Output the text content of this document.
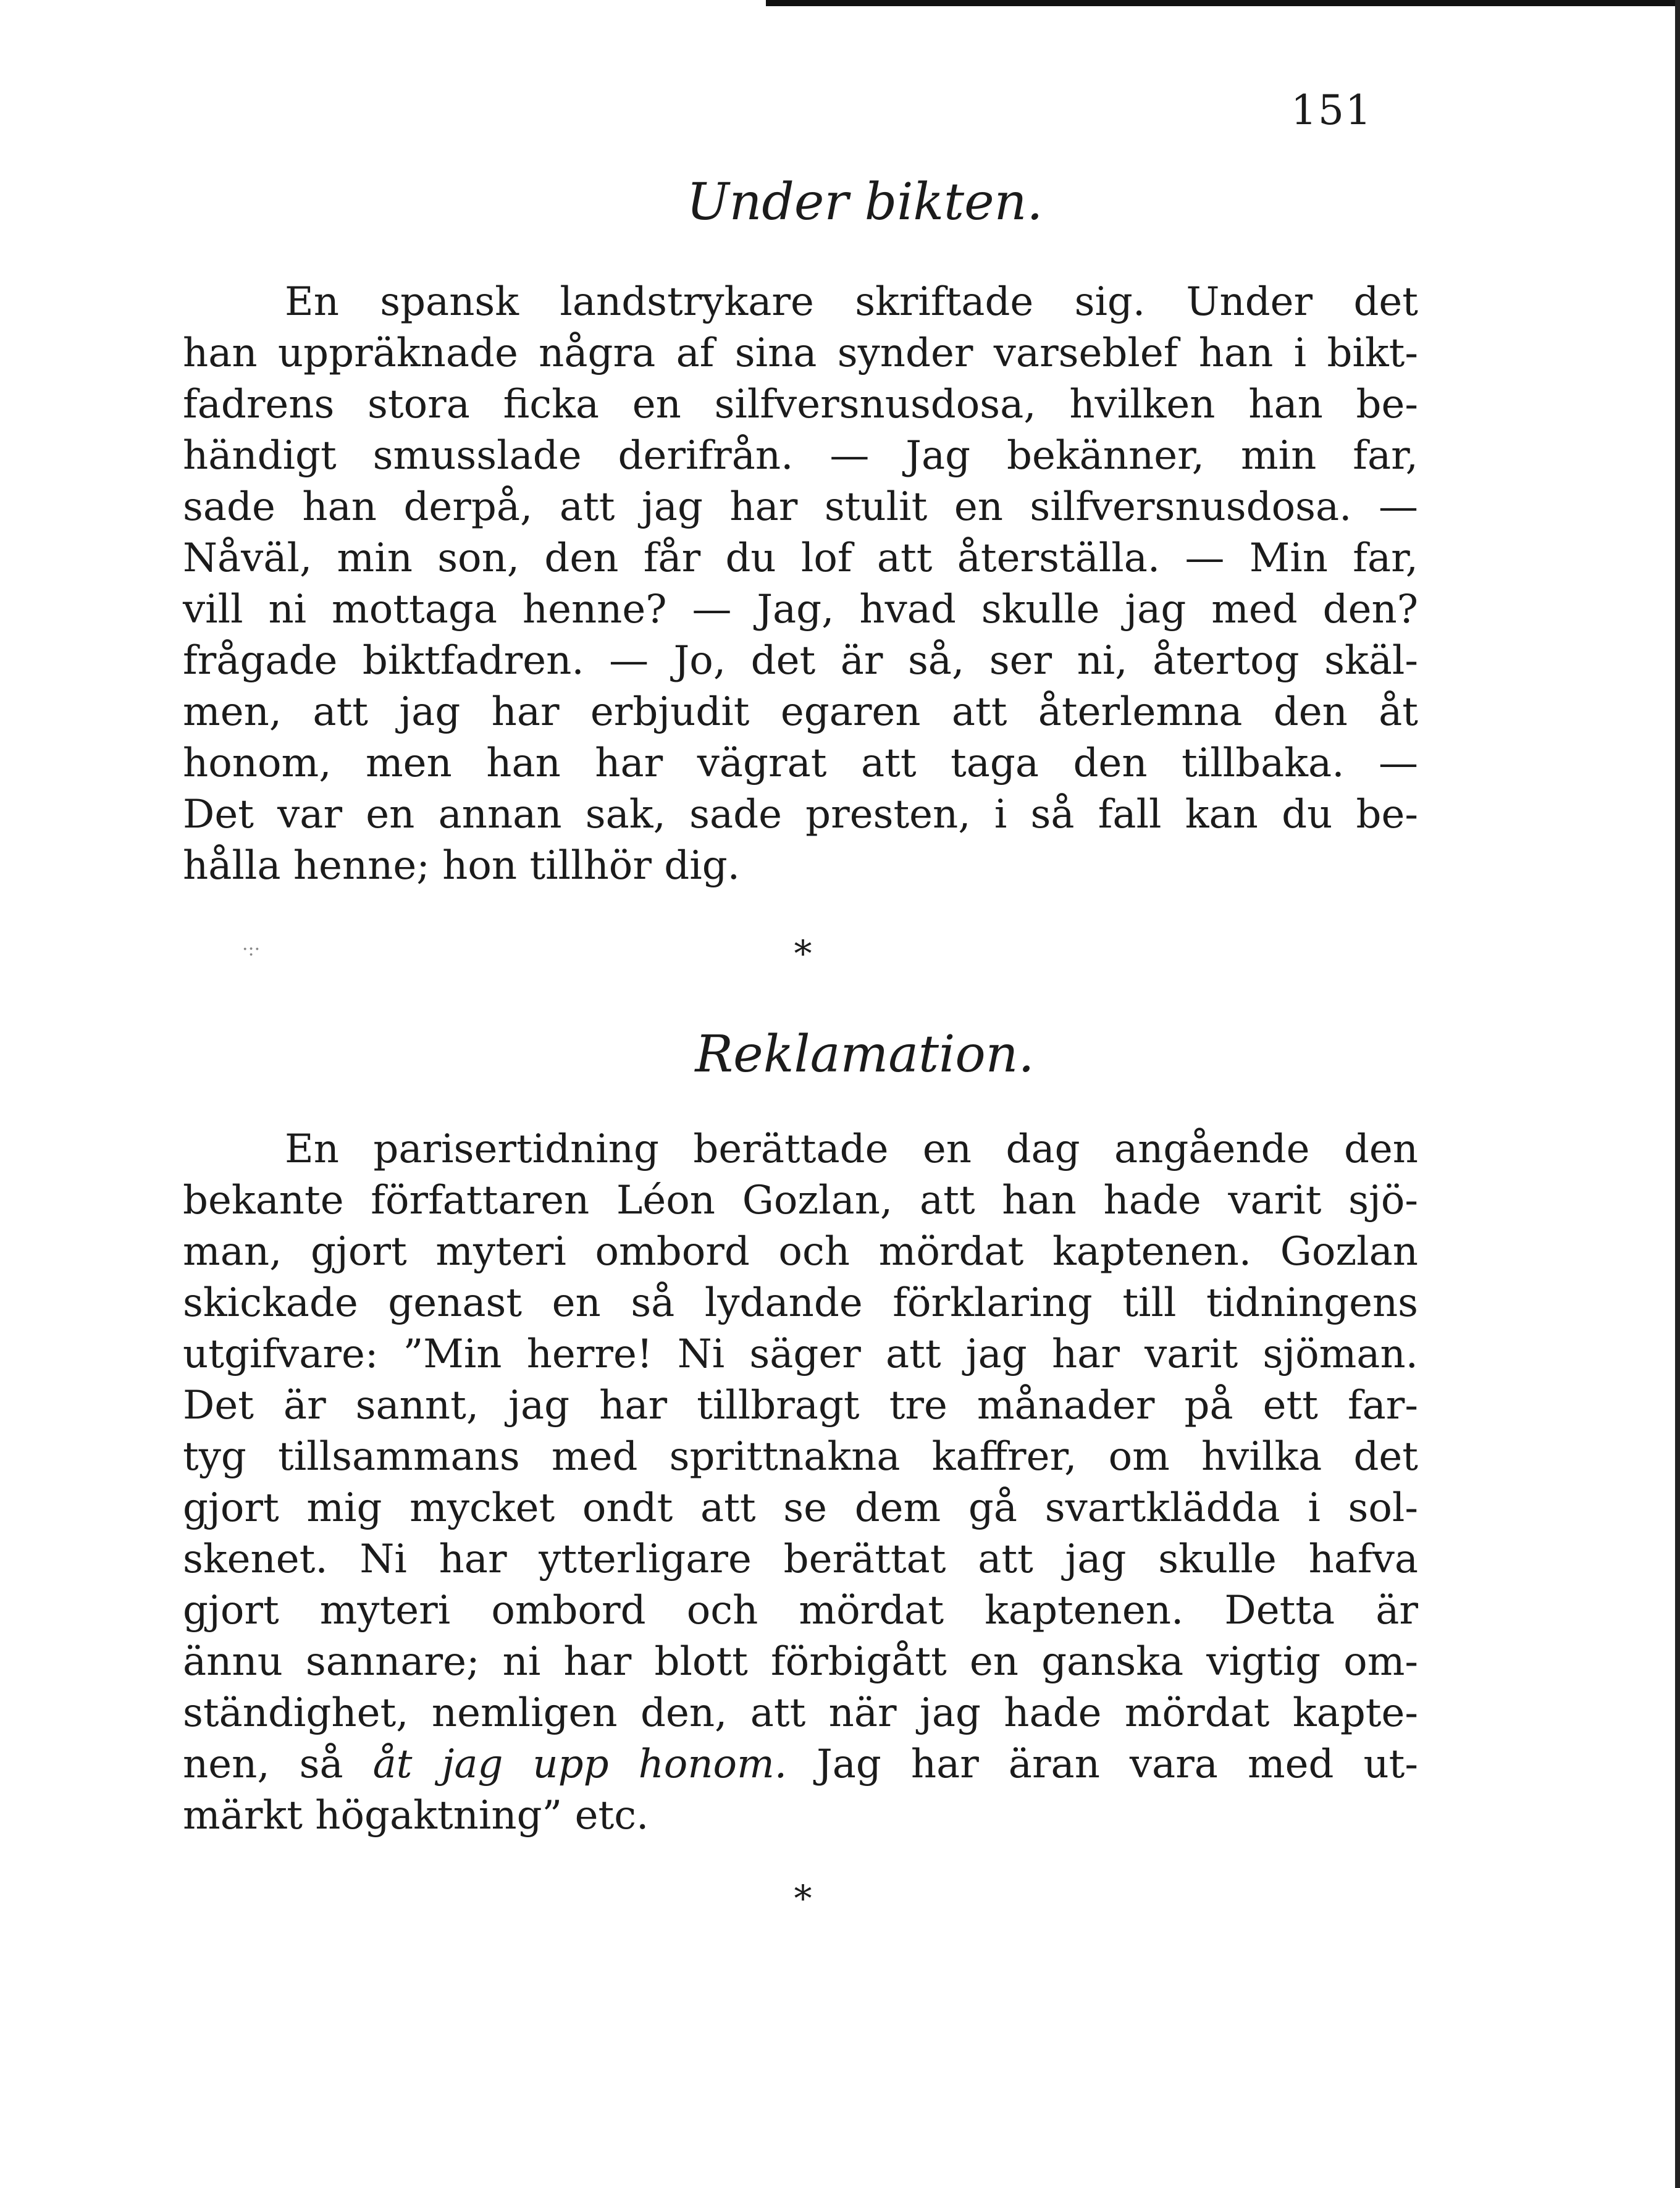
151
Under bikten.
En spansk landstrykare skriftade sig. Under det
han uppräknade några af sina synder varseblef han i bikt-
fadrens stora ficka en silfversnusdosa, hvilken han be-
händigt smusslade derifrån. — Jag bekänner, min far,
sade han derpå, att jag har stulit en silfversnusdosa. —
Nåväl, min son, den får du lof att återställa. — Min far,
vill ni mottaga henne? — Jag, hvad skulle jag med den?
frågade biktfadren. — Jo, det är så, ser ni, återtog skäl-
men, att jag har erbjudit egaren att återlemna den åt
honom, men han har vägrat att taga den tillbaka. —
Det var en annan sak, sade presten, i så fall kan du be-
hålla henne; hon tillhör dig.
·:·	*
Reklamation.
En parisertidning berättade en dag angående den
bekante författaren Léon Gozlan, att han hade varit sjö-
man, gjort myteri ombord och mördat kaptenen. Gozlan
skickade genast en så lydande förklaring till tidningens
utgifvare: ”Min herre! Ni säger att jag har varit sjöman.
Det är sannt, jag har tillbragt tre månader på ett far-
tyg tillsammans med sprittnakna kaffrer, om hvilka det
gjort mig mycket ondt att se dem gå svartklädda i sol-
skenet. Ni har ytterligare berättat att jag skulle hafva
gjort myteri ombord och mördat kaptenen. Detta är
ännu sannare; ni har blott förbigått en ganska vigtig om-
ständighet, nemligen den, att när jag hade mördat kapte-
nen, så åt jag upp honom. Jag har äran vara med ut-
märkt högaktning” etc.
*
